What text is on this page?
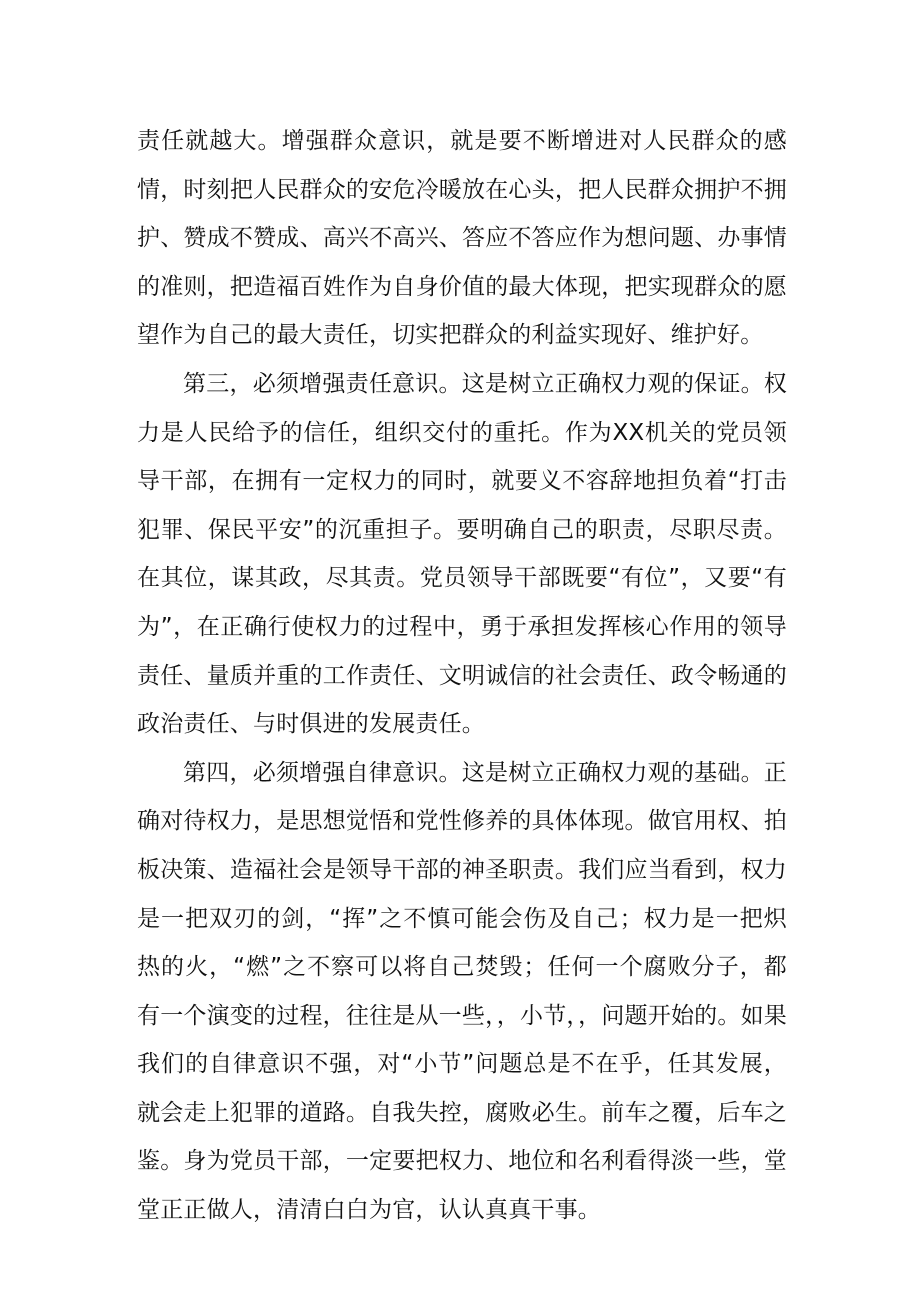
责任就越大。增强群众意识，就是要不断增进对人民群众的感情，时刻把人民群众的安危冷暖放在心头，把人民群众拥护不拥护、赞成不赞成、高兴不高兴、答应不答应作为想问题、办事情的准则，把造福百姓作为自身价值的最大体现，把实现群众的愿望作为自己的最大责任，切实把群众的利益实现好、维护好。

第三，必须增强责任意识。这是树立正确权力观的保证。权力是人民给予的信任，组织交付的重托。作为XX机关的党员领导干部，在拥有一定权力的同时，就要义不容辞地担负着“打击犯罪、保民平安”的沉重担子。要明确自己的职责，尽职尽责。在其位，谋其政，尽其责。党员领导干部既要“有位”，又要“有为”，在正确行使权力的过程中，勇于承担发挥核心作用的领导责任、量质并重的工作责任、文明诚信的社会责任、政令畅通的政治责任、与时俱进的发展责任。

第四，必须增强自律意识。这是树立正确权力观的基础。正确对待权力，是思想觉悟和党性修养的具体体现。做官用权、拍板决策、造福社会是领导干部的神圣职责。我们应当看到，权力是一把双刃的剑，“挥”之不慎可能会伤及自己；权力是一把炽热的火，“燃”之不察可以将自己焚毁；任何一个腐败分子，都有一个演变的过程，往往是从一些，，小节，，问题开始的。如果我们的自律意识不强，对“小节”问题总是不在乎，任其发展，就会走上犯罪的道路。自我失控，腐败必生。前车之覆，后车之鉴。身为党员干部，一定要把权力、地位和名利看得淡一些，堂堂正正做人，清清白白为官，认认真真干事。
